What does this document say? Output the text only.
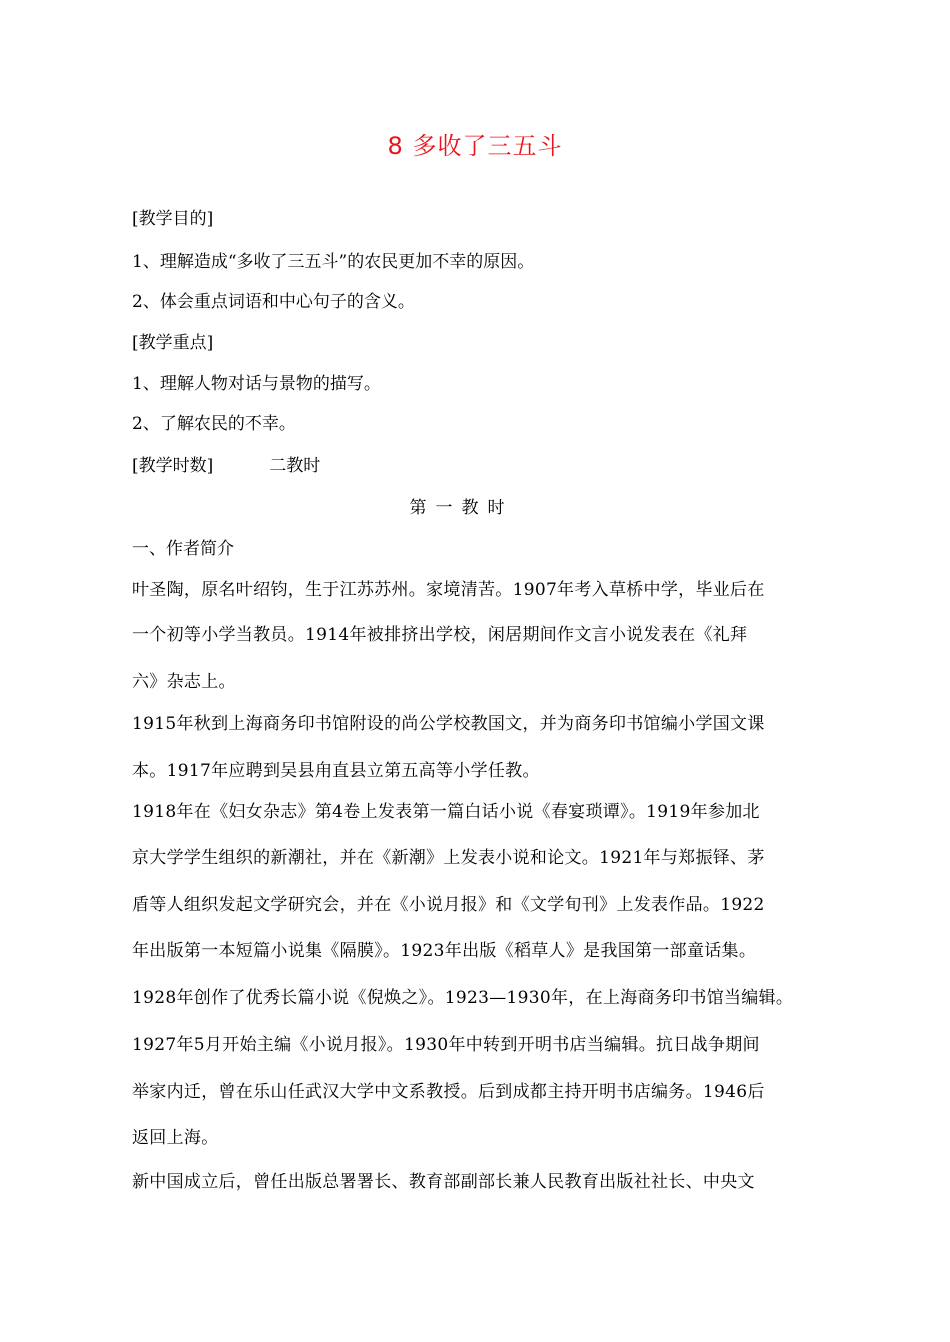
8 多收了三五斗
[教学目的]
1、理解造成“多收了三五斗”的农民更加不幸的原因。
2、体会重点词语和中心句子的含义。
[教学重点]
1、理解人物对话与景物的描写。
2、了解农民的不幸。
[教学时数]	二教时
第一教时
一、作者简介
叶圣陶，原名叶绍钧，生于江苏苏州。家境清苦。1907年考入草桥中学，毕业后在
一个初等小学当教员。1914年被排挤出学校，闲居期间作文言小说发表在《礼拜
六》杂志上。
1915年秋到上海商务印书馆附设的尚公学校教国文，并为商务印书馆编小学国文课
本。1917年应聘到吴县甪直县立第五高等小学任教。
1918年在《妇女杂志》第4卷上发表第一篇白话小说《春宴琐谭》。1919年参加北
京大学学生组织的新潮社，并在《新潮》上发表小说和论文。1921年与郑振铎、茅
盾等人组织发起文学研究会，并在《小说月报》和《文学旬刊》上发表作品。1922
年出版第一本短篇小说集《隔膜》。1923年出版《稻草人》是我国第一部童话集。
1928年创作了优秀长篇小说《倪焕之》。1923—1930年，在上海商务印书馆当编辑。
1927年5月开始主编《小说月报》。1930年中转到开明书店当编辑。抗日战争期间
举家内迁，曾在乐山任武汉大学中文系教授。后到成都主持开明书店编务。1946后
返回上海。
新中国成立后，曾任出版总署署长、教育部副部长兼人民教育出版社社长、中央文
